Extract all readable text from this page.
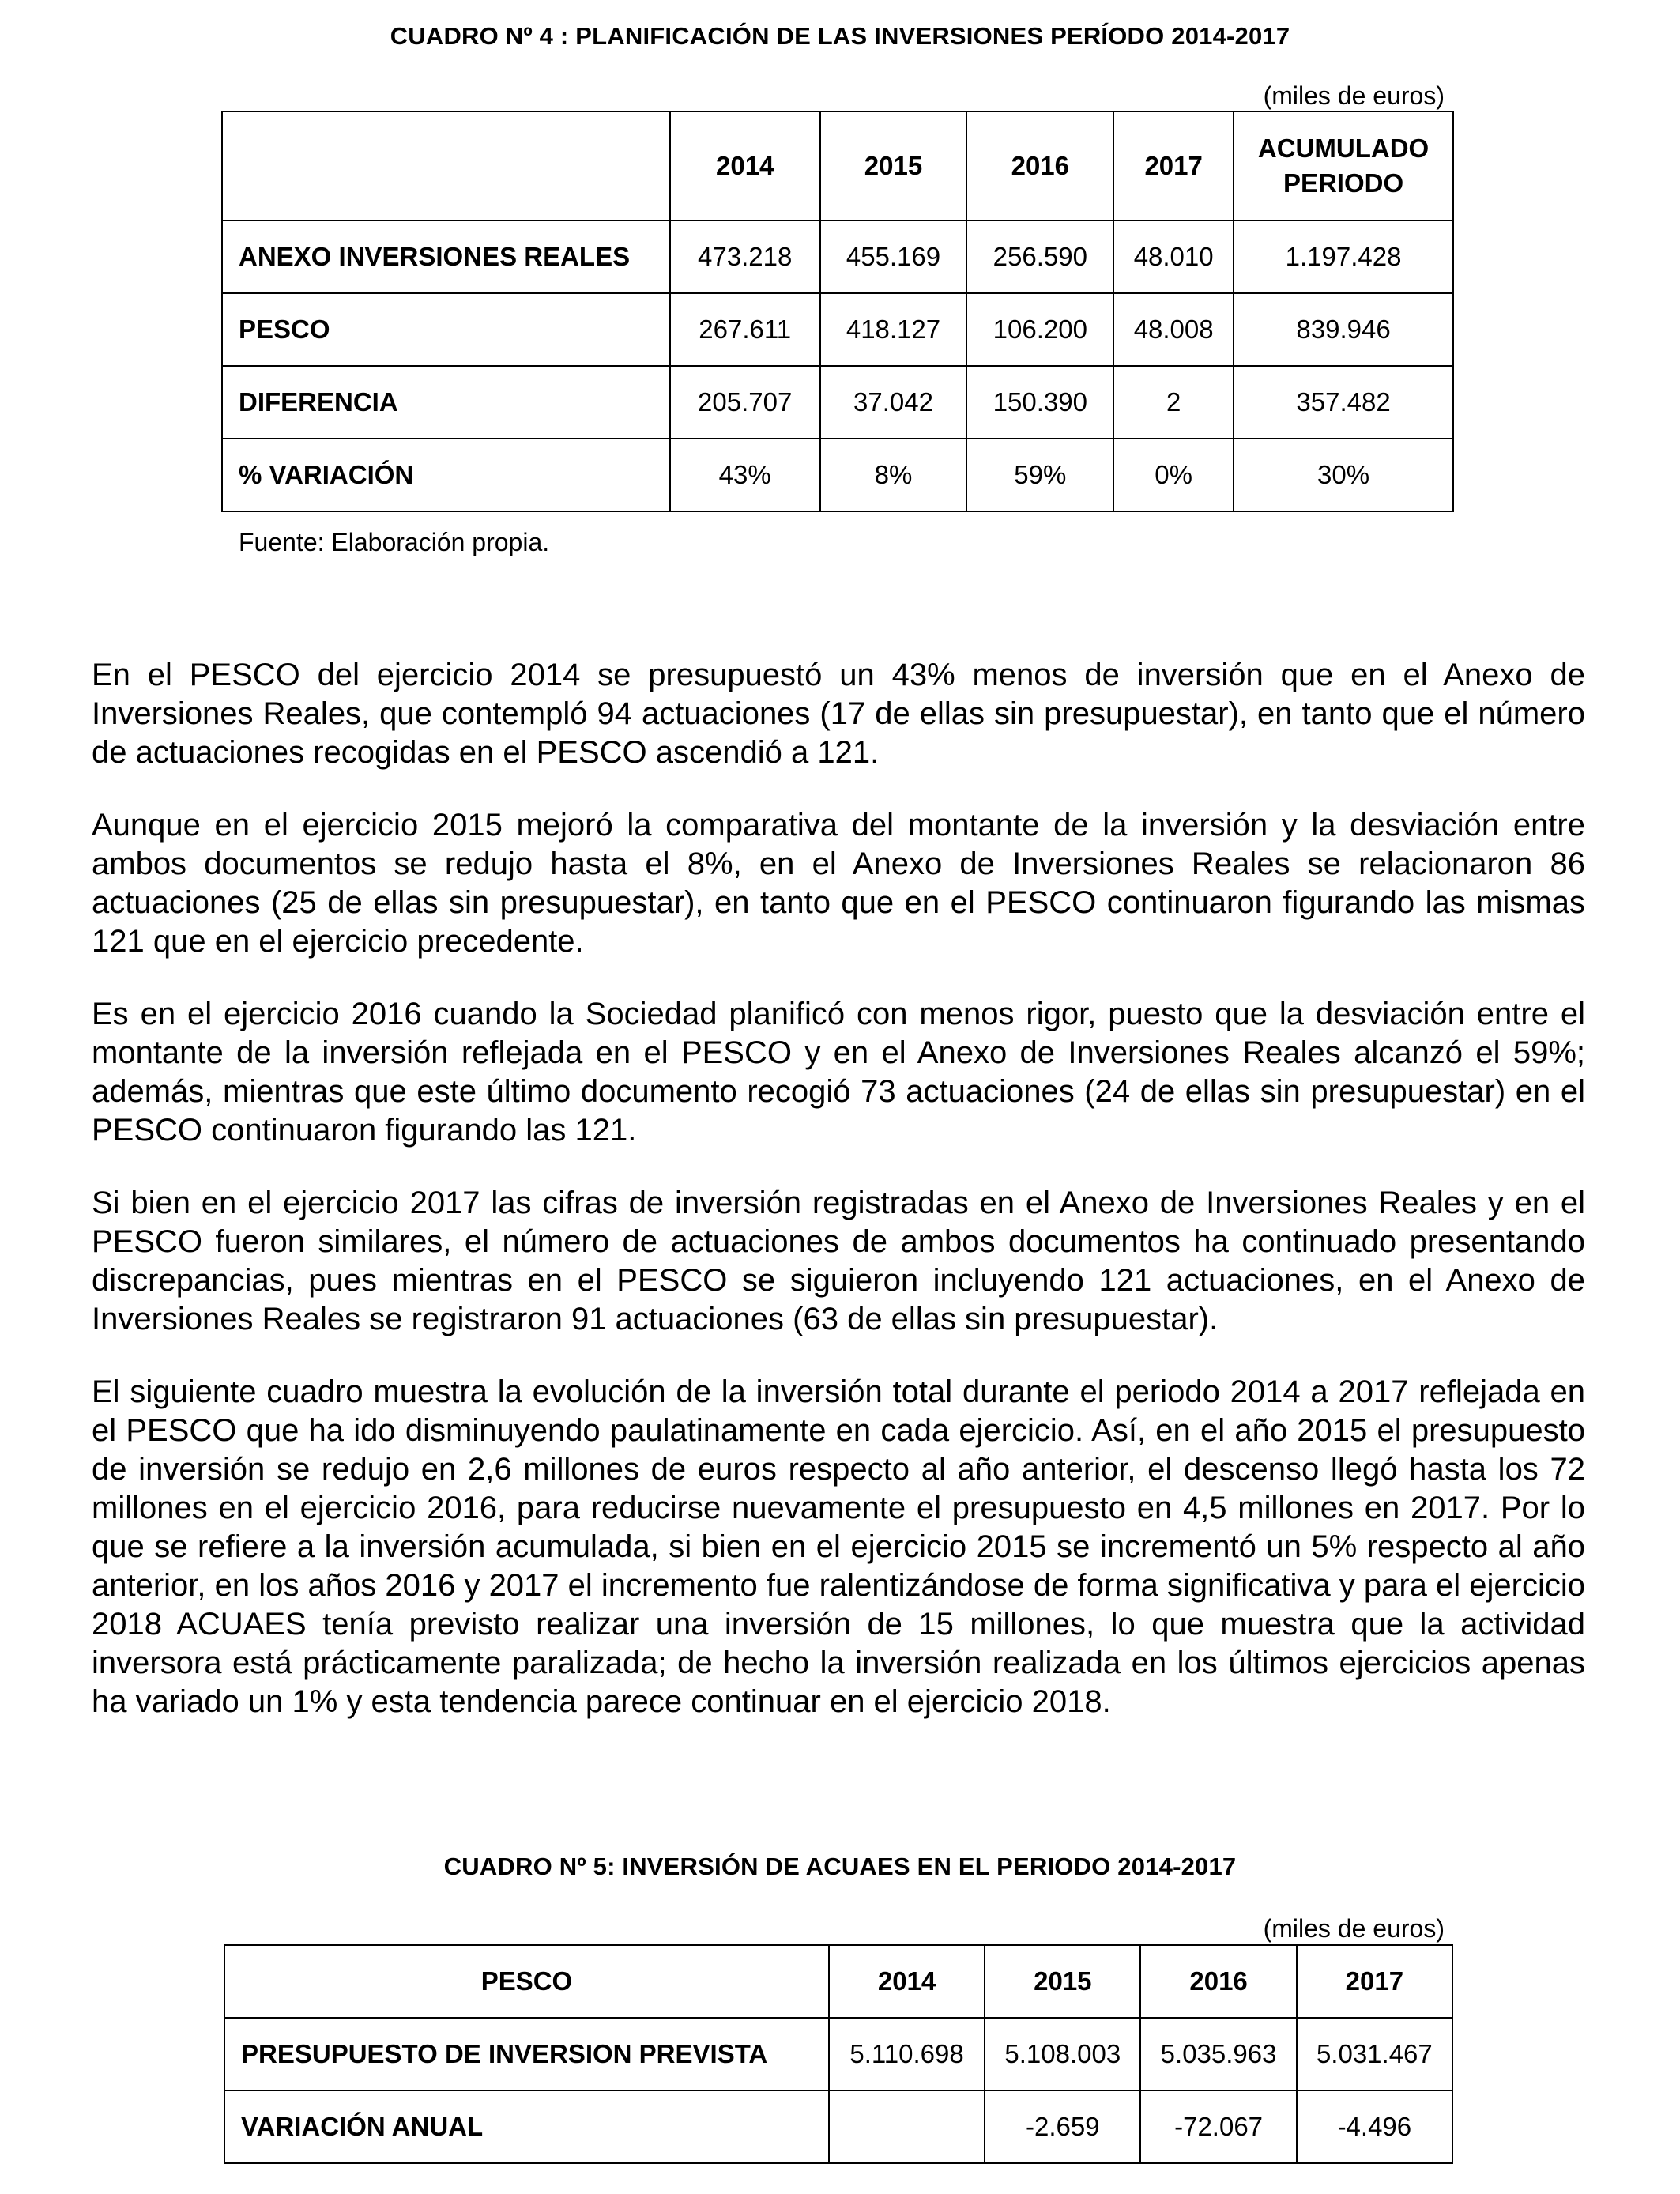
CUADRO Nº 4 : PLANIFICACIÓN DE LAS INVERSIONES PERÍODO 2014-2017
(miles de euros)
	2014	2015	2016	2017	ACUMULADO PERIODO
ANEXO INVERSIONES REALES	473.218	455.169	256.590	48.010	1.197.428
PESCO	267.611	418.127	106.200	48.008	839.946
DIFERENCIA	205.707	37.042	150.390	2	357.482
% VARIACIÓN	43%	8%	59%	0%	30%
Fuente: Elaboración propia.

En el PESCO del ejercicio 2014 se presupuestó un 43% menos de inversión que en el Anexo de Inversiones Reales, que contempló 94 actuaciones (17 de ellas sin presupuestar), en tanto que el número de actuaciones recogidas en el PESCO ascendió a 121.

Aunque en el ejercicio 2015 mejoró la comparativa del montante de la inversión y la desviación entre ambos documentos se redujo hasta el 8%, en el Anexo de Inversiones Reales se relacionaron 86 actuaciones (25 de ellas sin presupuestar), en tanto que en el PESCO continuaron figurando las mismas 121 que en el ejercicio precedente.

Es en el ejercicio 2016 cuando la Sociedad planificó con menos rigor, puesto que la desviación entre el montante de la inversión reflejada en el PESCO y en el Anexo de Inversiones Reales alcanzó el 59%; además, mientras que este último documento recogió 73 actuaciones (24 de ellas sin presupuestar) en el PESCO continuaron figurando las 121.

Si bien en el ejercicio 2017 las cifras de inversión registradas en el Anexo de Inversiones Reales y en el PESCO fueron similares, el número de actuaciones de ambos documentos ha continuado presentando discrepancias, pues mientras en el PESCO se siguieron incluyendo 121 actuaciones, en el Anexo de Inversiones Reales se registraron 91 actuaciones (63 de ellas sin presupuestar).

El siguiente cuadro muestra la evolución de la inversión total durante el periodo 2014 a 2017 reflejada en el PESCO que ha ido disminuyendo paulatinamente en cada ejercicio. Así, en el año 2015 el presupuesto de inversión se redujo en 2,6 millones de euros respecto al año anterior, el descenso llegó hasta los 72 millones en el ejercicio 2016, para reducirse nuevamente el presupuesto en 4,5 millones en 2017. Por lo que se refiere a la inversión acumulada, si bien en el ejercicio 2015 se incrementó un 5% respecto al año anterior, en los años 2016 y 2017 el incremento fue ralentizándose de forma significativa y para el ejercicio 2018 ACUAES tenía previsto realizar una inversión de 15 millones, lo que muestra que la actividad inversora está prácticamente paralizada; de hecho la inversión realizada en los últimos ejercicios apenas ha variado un 1% y esta tendencia parece continuar en el ejercicio 2018.

CUADRO Nº 5: INVERSIÓN DE ACUAES EN EL PERIODO 2014-2017
(miles de euros)
PESCO	2014	2015	2016	2017
PRESUPUESTO DE INVERSION PREVISTA	5.110.698	5.108.003	5.035.963	5.031.467
VARIACIÓN ANUAL		-2.659	-72.067	-4.496
